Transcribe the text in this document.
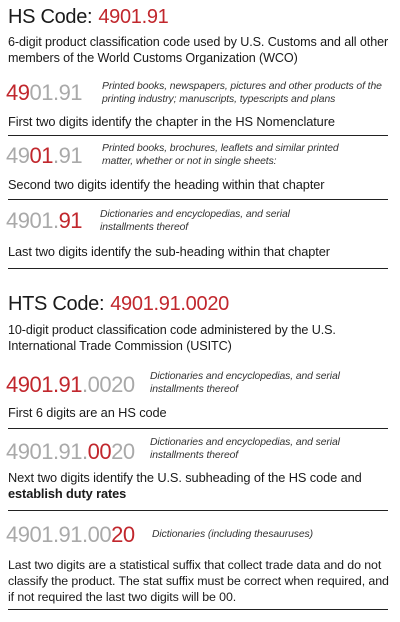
HS Code: 4901.91
6-digit product classification code used by U.S. Customs and all other members of the World Customs Organization (WCO)
4901.91 Printed books, newspapers, pictures and other products of the printing industry; manuscripts, typescripts and plans
First two digits identify the chapter in the HS Nomenclature
4901.91 Printed books, brochures, leaflets and similar printed matter, whether or not in single sheets:
Second two digits identify the heading within that chapter
4901.91 Dictionaries and encyclopedias, and serial installments thereof
Last two digits identify the sub-heading within that chapter
HTS Code: 4901.91.0020
10-digit product classification code administered by the U.S. International Trade Commission (USITC)
4901.91.0020 Dictionaries and encyclopedias, and serial installments thereof
First 6 digits are an HS code
4901.91.0020 Dictionaries and encyclopedias, and serial installments thereof
Next two digits identify the U.S. subheading of the HS code and
establish duty rates
4901.91.0020 Dictionaries (including thesauruses)
Last two digits are a statistical suffix that collect trade data and do not classify the product. The stat suffix must be correct when required, and if not required the last two digits will be 00.
